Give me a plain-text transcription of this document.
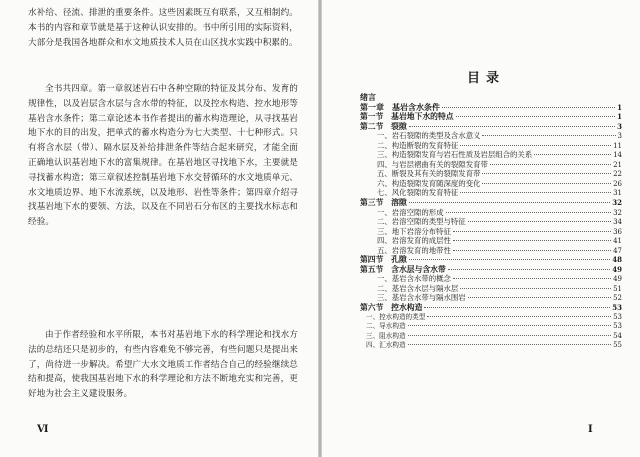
水补给、径流、排泄的重要条件。这些因素既互有联系，又互相制约。本书的内容和章节就是基于这种认识安排的。书中所引用的实际资料，大部分是我国各地群众和水文地质技术人员在山区找水实践中积累的。

全书共四章。第一章叙述岩石中各种空隙的特征及其分布、发育的规律性，以及岩层含水层与含水带的特征，以及控水构造、控水地形等基岩含水条件；第二章论述本书作者提出的蓄水构造理论，从寻找基岩地下水的目的出发，把单式的蓄水构造分为七大类型、十七种形式。只有将含水层（带）、隔水层及补给排泄条件等结合起来研究，才能全面正确地认识基岩地下水的富集规律。在基岩地区寻找地下水，主要就是寻找蓄水构造；第三章叙述控制基岩地下水交替循环的水文地质单元、水文地质边界、地下水流系统，以及地形、岩性等条件；第四章介绍寻找基岩地下水的要领、方法，以及在不同岩石分布区的主要找水标志和经验。

由于作者经验和水平所限，本书对基岩地下水的科学理论和找水方法的总结还只是初步的，有些内容难免不够完善，有些问题只是提出来了，尚待进一步解决。希望广大水文地质工作者结合自己的经验继续总结和提高，使我国基岩地下水的科学理论和方法不断地充实和完善，更好地为社会主义建设服务。

Ⅵ
目录
绪言
第一章　基岩含水条件	1
第一节　基岩地下水的特点	1
第二节　裂隙	3
一、岩石裂隙的类型及含水意义	3
二、构造断裂的发育特征	11
三、构造裂隙发育与岩石性质及岩层组合的关系	14
四、与岩层褶曲有关的裂隙发育带	21
五、断裂及其有关的裂隙发育带	22
六、构造裂隙发育随深度的变化	26
七、风化裂隙的发育特征	31
第三节　溶隙	32
一、岩溶空隙的形成	32
二、岩溶空隙的类型与特征	34
三、地下岩溶分布特征	36
四、岩溶发育的成层性	41
五、岩溶发育的地带性	47
第四节　孔隙	48
第五节　含水层与含水带	49
一、基岩含水带的概念	49
二、基岩含水层与隔水层	51
三、基岩含水带与隔水围岩	52
第六节　控水构造	53
一、控水构造的类型	53
二、导水构造	53
三、阻水构造	54
四、汇水构造	55
Ⅰ
